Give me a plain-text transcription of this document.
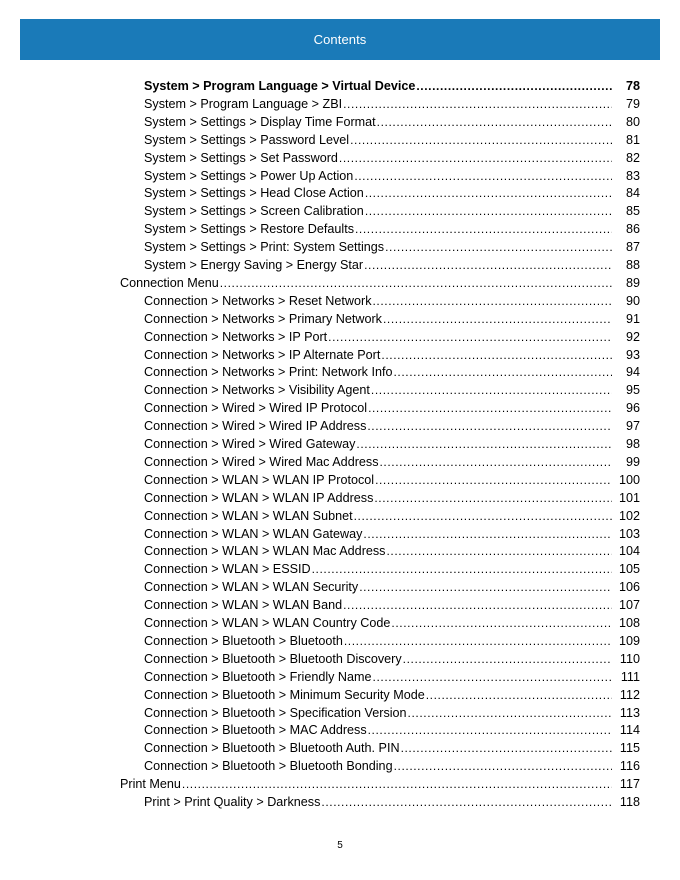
Contents
System > Program Language > Virtual Device .....	78
System > Program Language > ZBI .....	79
System > Settings > Display Time Format .....	80
System > Settings > Password Level .....	81
System > Settings > Set Password .....	82
System > Settings > Power Up Action .....	83
System > Settings > Head Close Action .....	84
System > Settings > Screen Calibration .....	85
System > Settings > Restore Defaults .....	86
System > Settings > Print: System Settings .....	87
System > Energy Saving > Energy Star .....	88
Connection Menu .....	89
Connection > Networks > Reset Network .....	90
Connection > Networks > Primary Network .....	91
Connection > Networks > IP Port .....	92
Connection > Networks > IP Alternate Port .....	93
Connection > Networks > Print: Network Info .....	94
Connection > Networks > Visibility Agent .....	95
Connection > Wired > Wired IP Protocol .....	96
Connection > Wired > Wired IP Address .....	97
Connection > Wired > Wired Gateway .....	98
Connection > Wired > Wired Mac Address .....	99
Connection > WLAN > WLAN IP Protocol .....	100
Connection > WLAN > WLAN IP Address .....	101
Connection > WLAN > WLAN Subnet .....	102
Connection > WLAN > WLAN Gateway .....	103
Connection > WLAN > WLAN Mac Address .....	104
Connection > WLAN > ESSID .....	105
Connection > WLAN > WLAN Security .....	106
Connection > WLAN > WLAN Band .....	107
Connection > WLAN > WLAN Country Code .....	108
Connection > Bluetooth > Bluetooth .....	109
Connection > Bluetooth > Bluetooth Discovery .....	110
Connection > Bluetooth > Friendly Name .....	111
Connection > Bluetooth > Minimum Security Mode .....	112
Connection > Bluetooth > Specification Version .....	113
Connection > Bluetooth > MAC Address .....	114
Connection > Bluetooth > Bluetooth Auth. PIN .....	115
Connection > Bluetooth > Bluetooth Bonding .....	116
Print Menu .....	117
Print > Print Quality > Darkness .....	118
5
